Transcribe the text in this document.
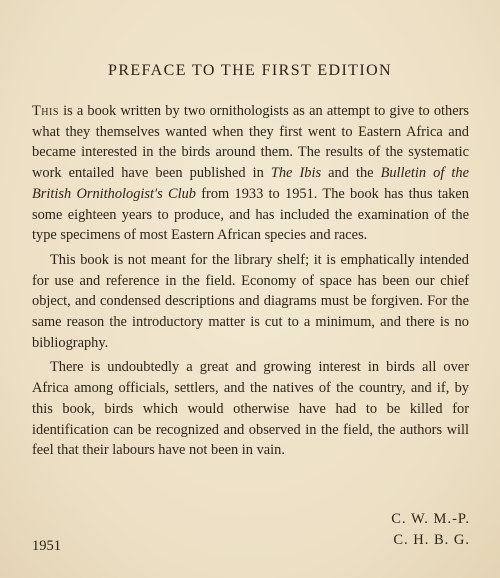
PREFACE TO THE FIRST EDITION

This is a book written by two ornithologists as an attempt to give to others what they themselves wanted when they first went to Eastern Africa and became interested in the birds around them. The results of the systematic work entailed have been published in The Ibis and the Bulletin of the British Ornithologist's Club from 1933 to 1951. The book has thus taken some eighteen years to produce, and has included the examination of the type specimens of most Eastern African species and races.

This book is not meant for the library shelf; it is emphatically intended for use and reference in the field. Economy of space has been our chief object, and condensed descriptions and diagrams must be forgiven. For the same reason the introductory matter is cut to a minimum, and there is no bibliography.

There is undoubtedly a great and growing interest in birds all over Africa among officials, settlers, and the natives of the country, and if, by this book, birds which would otherwise have had to be killed for identification can be recognized and observed in the field, the authors will feel that their labours have not been in vain.

C. W. M.-P.
C. H. B. G.
1951
